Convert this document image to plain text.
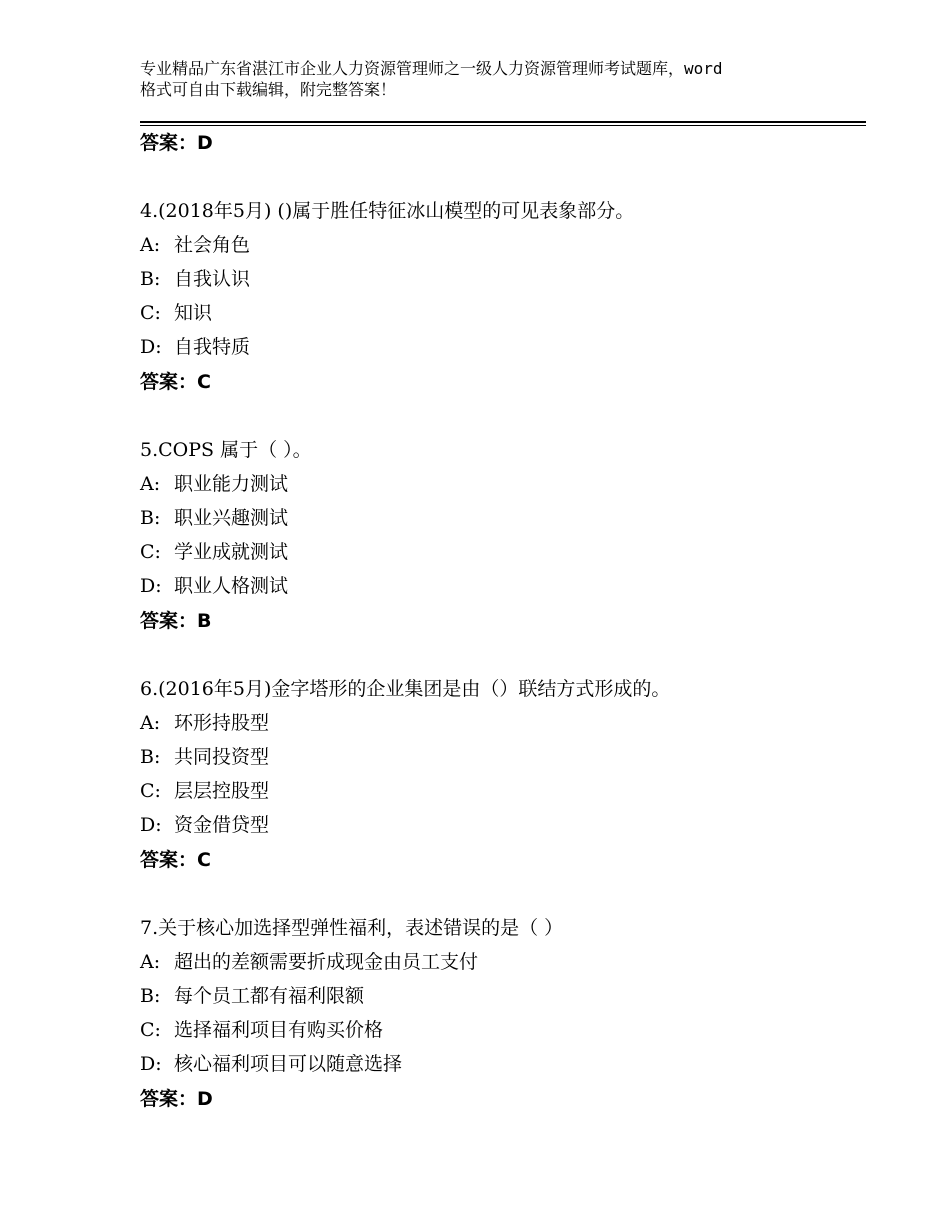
专业精品广东省湛江市企业人力资源管理师之一级人力资源管理师考试题库，word
格式可自由下载编辑，附完整答案！
答案：D
4.(2018年5月) ()属于胜任特征冰山模型的可见表象部分。
A: 社会角色
B: 自我认识
C: 知识
D: 自我特质
答案：C
5.COPS 属于（ ）。
A: 职业能力测试
B: 职业兴趣测试
C: 学业成就测试
D: 职业人格测试
答案：B
6.(2016年5月)金字塔形的企业集团是由（）联结方式形成的。
A: 环形持股型
B: 共同投资型
C: 层层控股型
D: 资金借贷型
答案：C
7.关于核心加选择型弹性福利，表述错误的是（ ）
A: 超出的差额需要折成现金由员工支付
B: 每个员工都有福利限额
C: 选择福利项目有购买价格
D: 核心福利项目可以随意选择
答案：D
